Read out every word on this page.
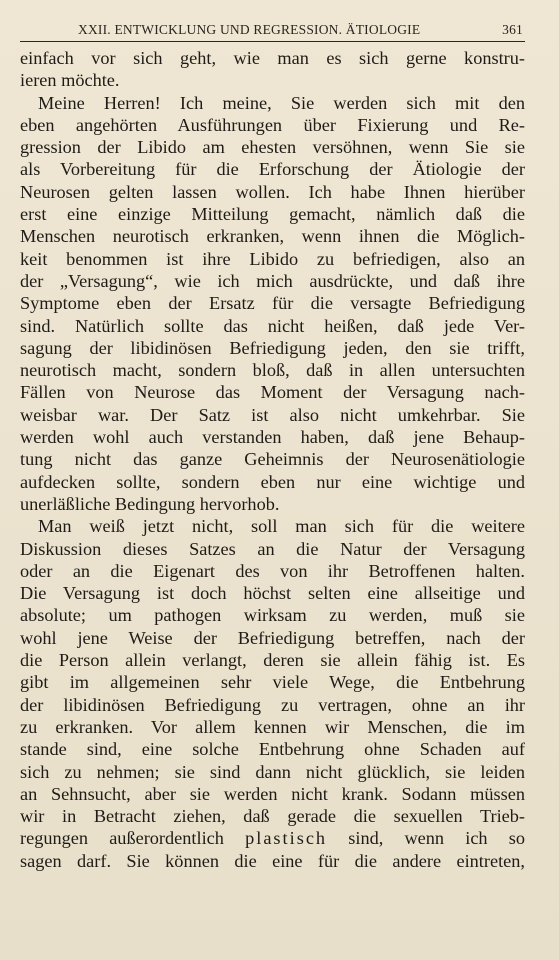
XXII. ENTWICKLUNG UND REGRESSION. ÄTIOLOGIE	361
einfach vor sich geht, wie man es sich gerne konstru-
ieren möchte.
Meine Herren! Ich meine, Sie werden sich mit den
eben angehörten Ausführungen über Fixierung und Re-
gression der Libido am ehesten versöhnen, wenn Sie sie
als Vorbereitung für die Erforschung der Ätiologie der
Neurosen gelten lassen wollen. Ich habe Ihnen hierüber
erst eine einzige Mitteilung gemacht, nämlich daß die
Menschen neurotisch erkranken, wenn ihnen die Möglich-
keit benommen ist ihre Libido zu befriedigen, also an
der „Versagung“, wie ich mich ausdrückte, und daß ihre
Symptome eben der Ersatz für die versagte Befriedigung
sind. Natürlich sollte das nicht heißen, daß jede Ver-
sagung der libidinösen Befriedigung jeden, den sie trifft,
neurotisch macht, sondern bloß, daß in allen untersuchten
Fällen von Neurose das Moment der Versagung nach-
weisbar war. Der Satz ist also nicht umkehrbar. Sie
werden wohl auch verstanden haben, daß jene Behaup-
tung nicht das ganze Geheimnis der Neurosenätiologie
aufdecken sollte, sondern eben nur eine wichtige und
unerläßliche Bedingung hervorhob.
Man weiß jetzt nicht, soll man sich für die weitere
Diskussion dieses Satzes an die Natur der Versagung
oder an die Eigenart des von ihr Betroffenen halten.
Die Versagung ist doch höchst selten eine allseitige und
absolute; um pathogen wirksam zu werden, muß sie
wohl jene Weise der Befriedigung betreffen, nach der
die Person allein verlangt, deren sie allein fähig ist. Es
gibt im allgemeinen sehr viele Wege, die Entbehrung
der libidinösen Befriedigung zu vertragen, ohne an ihr
zu erkranken. Vor allem kennen wir Menschen, die im
stande sind, eine solche Entbehrung ohne Schaden auf
sich zu nehmen; sie sind dann nicht glücklich, sie leiden
an Sehnsucht, aber sie werden nicht krank. Sodann müssen
wir in Betracht ziehen, daß gerade die sexuellen Trieb-
regungen außerordentlich plastisch sind, wenn ich so
sagen darf. Sie können die eine für die andere eintreten,
